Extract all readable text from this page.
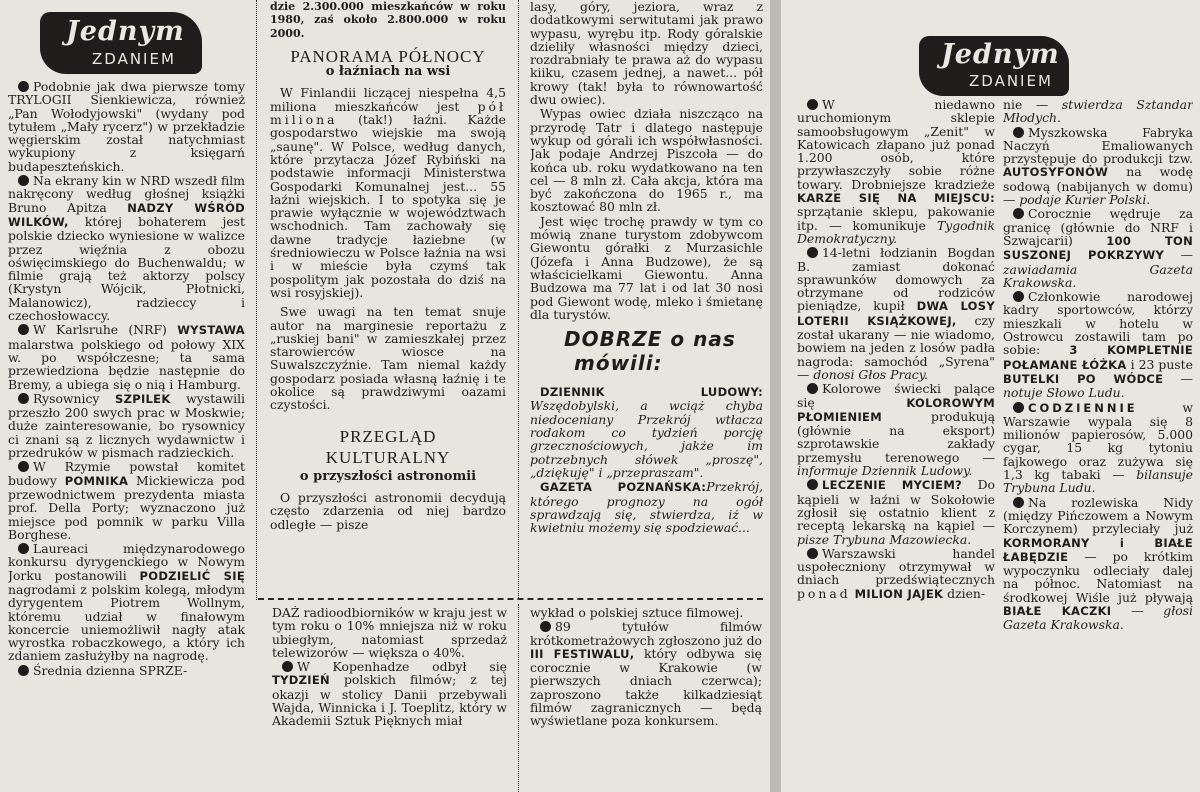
Jednym
ZDANIEM

Podobnie jak dwa pierwsze tomy TRYLOGII Sienkiewicza, również „Pan Wołodyjowski" (wydany pod tytułem „Mały rycerz") w przekładzie węgierskim został natychmiast wykupiony z księgarń budapeszteńskich.

Na ekrany kin w NRD wszedł film nakręcony według głośnej książki Bruno Apitza NADZY WŚRÓD WILKÓW, której bohaterem jest polskie dziecko wyniesione w walizce przez więźnia z obozu oświęcimskiego do Buchenwaldu; w filmie grają też aktorzy polscy (Krystyn Wójcik, Płotnicki, Malanowicz), radzieccy i czechosłowaccy.

W Karlsruhe (NRF) WYSTAWA malarstwa polskiego od połowy XIX w. po współczesne; ta sama przewiedziona będzie następnie do Bremy, a ubiega się o nią i Hamburg.

Rysownicy SZPILEK wystawili przeszło 200 swych prac w Moskwie; duże zainteresowanie, bo rysownicy ci znani są z licznych wydawnictw i przedruków w pismach radzieckich.

W Rzymie powstał komitet budowy POMNIKA Mickiewicza pod przewodnictwem prezydenta miasta prof. Della Porty; wyznaczono już miejsce pod pomnik w parku Villa Borghese.

Laureaci międzynarodowego konkursu dyrygenckiego w Nowym Jorku postanowili PODZIELIĆ SIĘ nagrodami z polskim kolegą, młodym dyrygentem Piotrem Wollnym, któremu udział w finałowym koncercie uniemożliwił nagły atak wyrostka robaczkowego, a który ich zdaniem zasłużyłby na nagrodę.

Średnia dzienna SPRZE-

dzie 2.300.000 mieszkańców w roku 1980, zaś około 2.800.000 w roku 2000.

PANORAMA PÓŁNOCY
o łaźniach na wsi

W Finlandii liczącej niespełna 4,5 miliona mieszkańców jest pół miliona (tak!) łaźni. Każde gospodarstwo wiejskie ma swoją „saunę". W Polsce, według danych, które przytacza Józef Rybiński na podstawie informacji Ministerstwa Gospodarki Komunalnej jest... 55 łaźni wiejskich. I to spotyka się je prawie wyłącznie w województwach wschodnich. Tam zachowały się dawne tradycje łaziebne (w średniowieczu w Polsce łaźnia na wsi i w mieście była czymś tak pospolitym jak pozostała do dziś na wsi rosyjskiej).

Swe uwagi na ten temat snuje autor na marginesie reportażu z „ruskiej bani" w zamieszkałej przez starowierców wiosce na Suwalszczyźnie. Tam niemal każdy gospodarz posiada własną łaźnię i te okolice są prawdziwymi oazami czystości.

PRZEGLĄD
KULTURALNY
o przyszłości astronomii

O przyszłości astronomii decydują często zdarzenia od niej bardzo odległe — pisze

lasy, góry, jeziora, wraz z dodatkowymi serwitutami jak prawo wypasu, wyrębu itp. Rody góralskie dzieliły własności między dzieci, rozdrabniały te prawa aż do wypasu kiiku, czasem jednej, a nawet... pół krowy (tak! była to równowartość dwu owiec).

Wypas owiec działa niszcząco na przyrodę Tatr i dlatego następuje wykup od górali ich współwłasności. Jak podaje Andrzej Piszcoła — do końca ub. roku wydatkowano na ten cel — 8 mln zł. Cała akcja, która ma być zakończona do 1965 r., ma kosztować 80 mln zł.

Jest więc trochę prawdy w tym co mówią znane turystom zdobywcom Giewontu górałki z Murzasichle (Józefa i Anna Budzowe), że są właścicielkami Giewontu. Anna Budzowa ma 77 lat i od lat 30 nosi pod Giewont wodę, mleko i śmietanę dla turystów.

DOBRZE o nas
mówili:

DZIENNIK LUDOWY: Wszędobylski, a wciąż chyba niedoceniany Przekrój wtłacza rodakom co tydzień porcję grzecznościowych, jakże im potrzebnych słówek „proszę", „dziękuję" i „przepraszam".

GAZETA POZNAŃSKA:Przekrój, którego prognozy na ogół sprawdzają się, stwierdza, iż w kwietniu możemy się spodziewać...

DAŻ radioodbiorników w kraju jest w tym roku o 10% mniejsza niż w roku ubiegłym, natomiast sprzedaż telewizorów — większa o 40%.

W Kopenhadze odbył się TYDZIEŃ polskich filmów; z tej okazji w stolicy Danii przebywali Wajda, Winnicka i J. Toeplitz, który w Akademii Sztuk Pięknych miał

wykład o polskiej sztuce filmowej.

89 tytułów filmów krótkometrażowych zgłoszono już do III FESTIWALU, który odbywa się corocznie w Krakowie (w pierwszych dniach czerwca); zaproszono także kilkadziesiąt filmów zagranicznych — będą wyświetlane poza konkursem.

Jednym
ZDANIEM

W niedawno uruchomionym sklepie samoobsługowym „Zenit" w Katowicach złapano już ponad 1.200 osób, które przywłaszczyły sobie różne towary. Drobniejsze kradzieże KARZE SIĘ NA MIEJSCU: sprzątanie sklepu, pakowanie itp. — komunikuje Tygodnik Demokratyczny.

14-letni łodzianin Bogdan B. zamiast dokonać sprawunków domowych za otrzymane od rodziców pieniądze, kupił DWA LOSY LOTERII KSIĄŻKOWEJ, czy został ukarany — nie wiadomo, bowiem na jeden z losów padła nagroda: samochód „Syrena" — donosi Głos Pracy.

Kolorowe świecki palące się	KOLOROWYM PŁOMIENIEM	produkują (głównie na eksport) szprotawskie zakłady przemysłu terenowego — informuje Dziennik Ludowy.

LECZENIE MYCIEM? Do kąpieli w łaźni w Sokołowie zgłosił się ostatnio klient z receptą lekarską na kąpiel — pisze Trybuna Mazowiecka.

Warszawski handel uspołeczniony otrzymywał w dniach przedświątecznych ponad MILION JAJEK dzien-

nie — stwierdza Sztandar Młodych.

Myszkowska Fabryka Naczyń Emaliowanych przystępuje do produkcji tzw. AUTOSYFONÓW na wodę sodową (nabijanych w domu) — podaje Kurier Polski.

Corocznie wędruje za granicę (głównie do NRF i Szwajcarii)	100 TON SUSZONEJ POKRZYWY — zawiadamia Gazeta Krakowska.

Członkowie narodowej kadry sportowców, którzy mieszkali w hotelu w Ostrowcu zostawili tam po sobie:	3 KOMPLETNIE POŁAMANE ŁÓŻKA i 23 puste BUTELKI PO WÓDCE — notuje Słowo Ludu.

CODZIENNIE	w Warszawie wypala się 8 milionów papierosów, 5.000 cygar, 15 kg tytoniu fajkowego oraz zużywa się 1,3 kg tabaki — bilansuje Trybuna Ludu.

Na rozlewiska Nidy (między Pińczowem a Nowym Korczynem) przyleciały już KORMORANY i BIAŁE ŁABĘDZIE — po krótkim wypoczynku odleciały dalej na północ. Natomiast na środkowej Wiśle już pływają BIAŁE KACZKI — głosi Gazeta Krakowska.
